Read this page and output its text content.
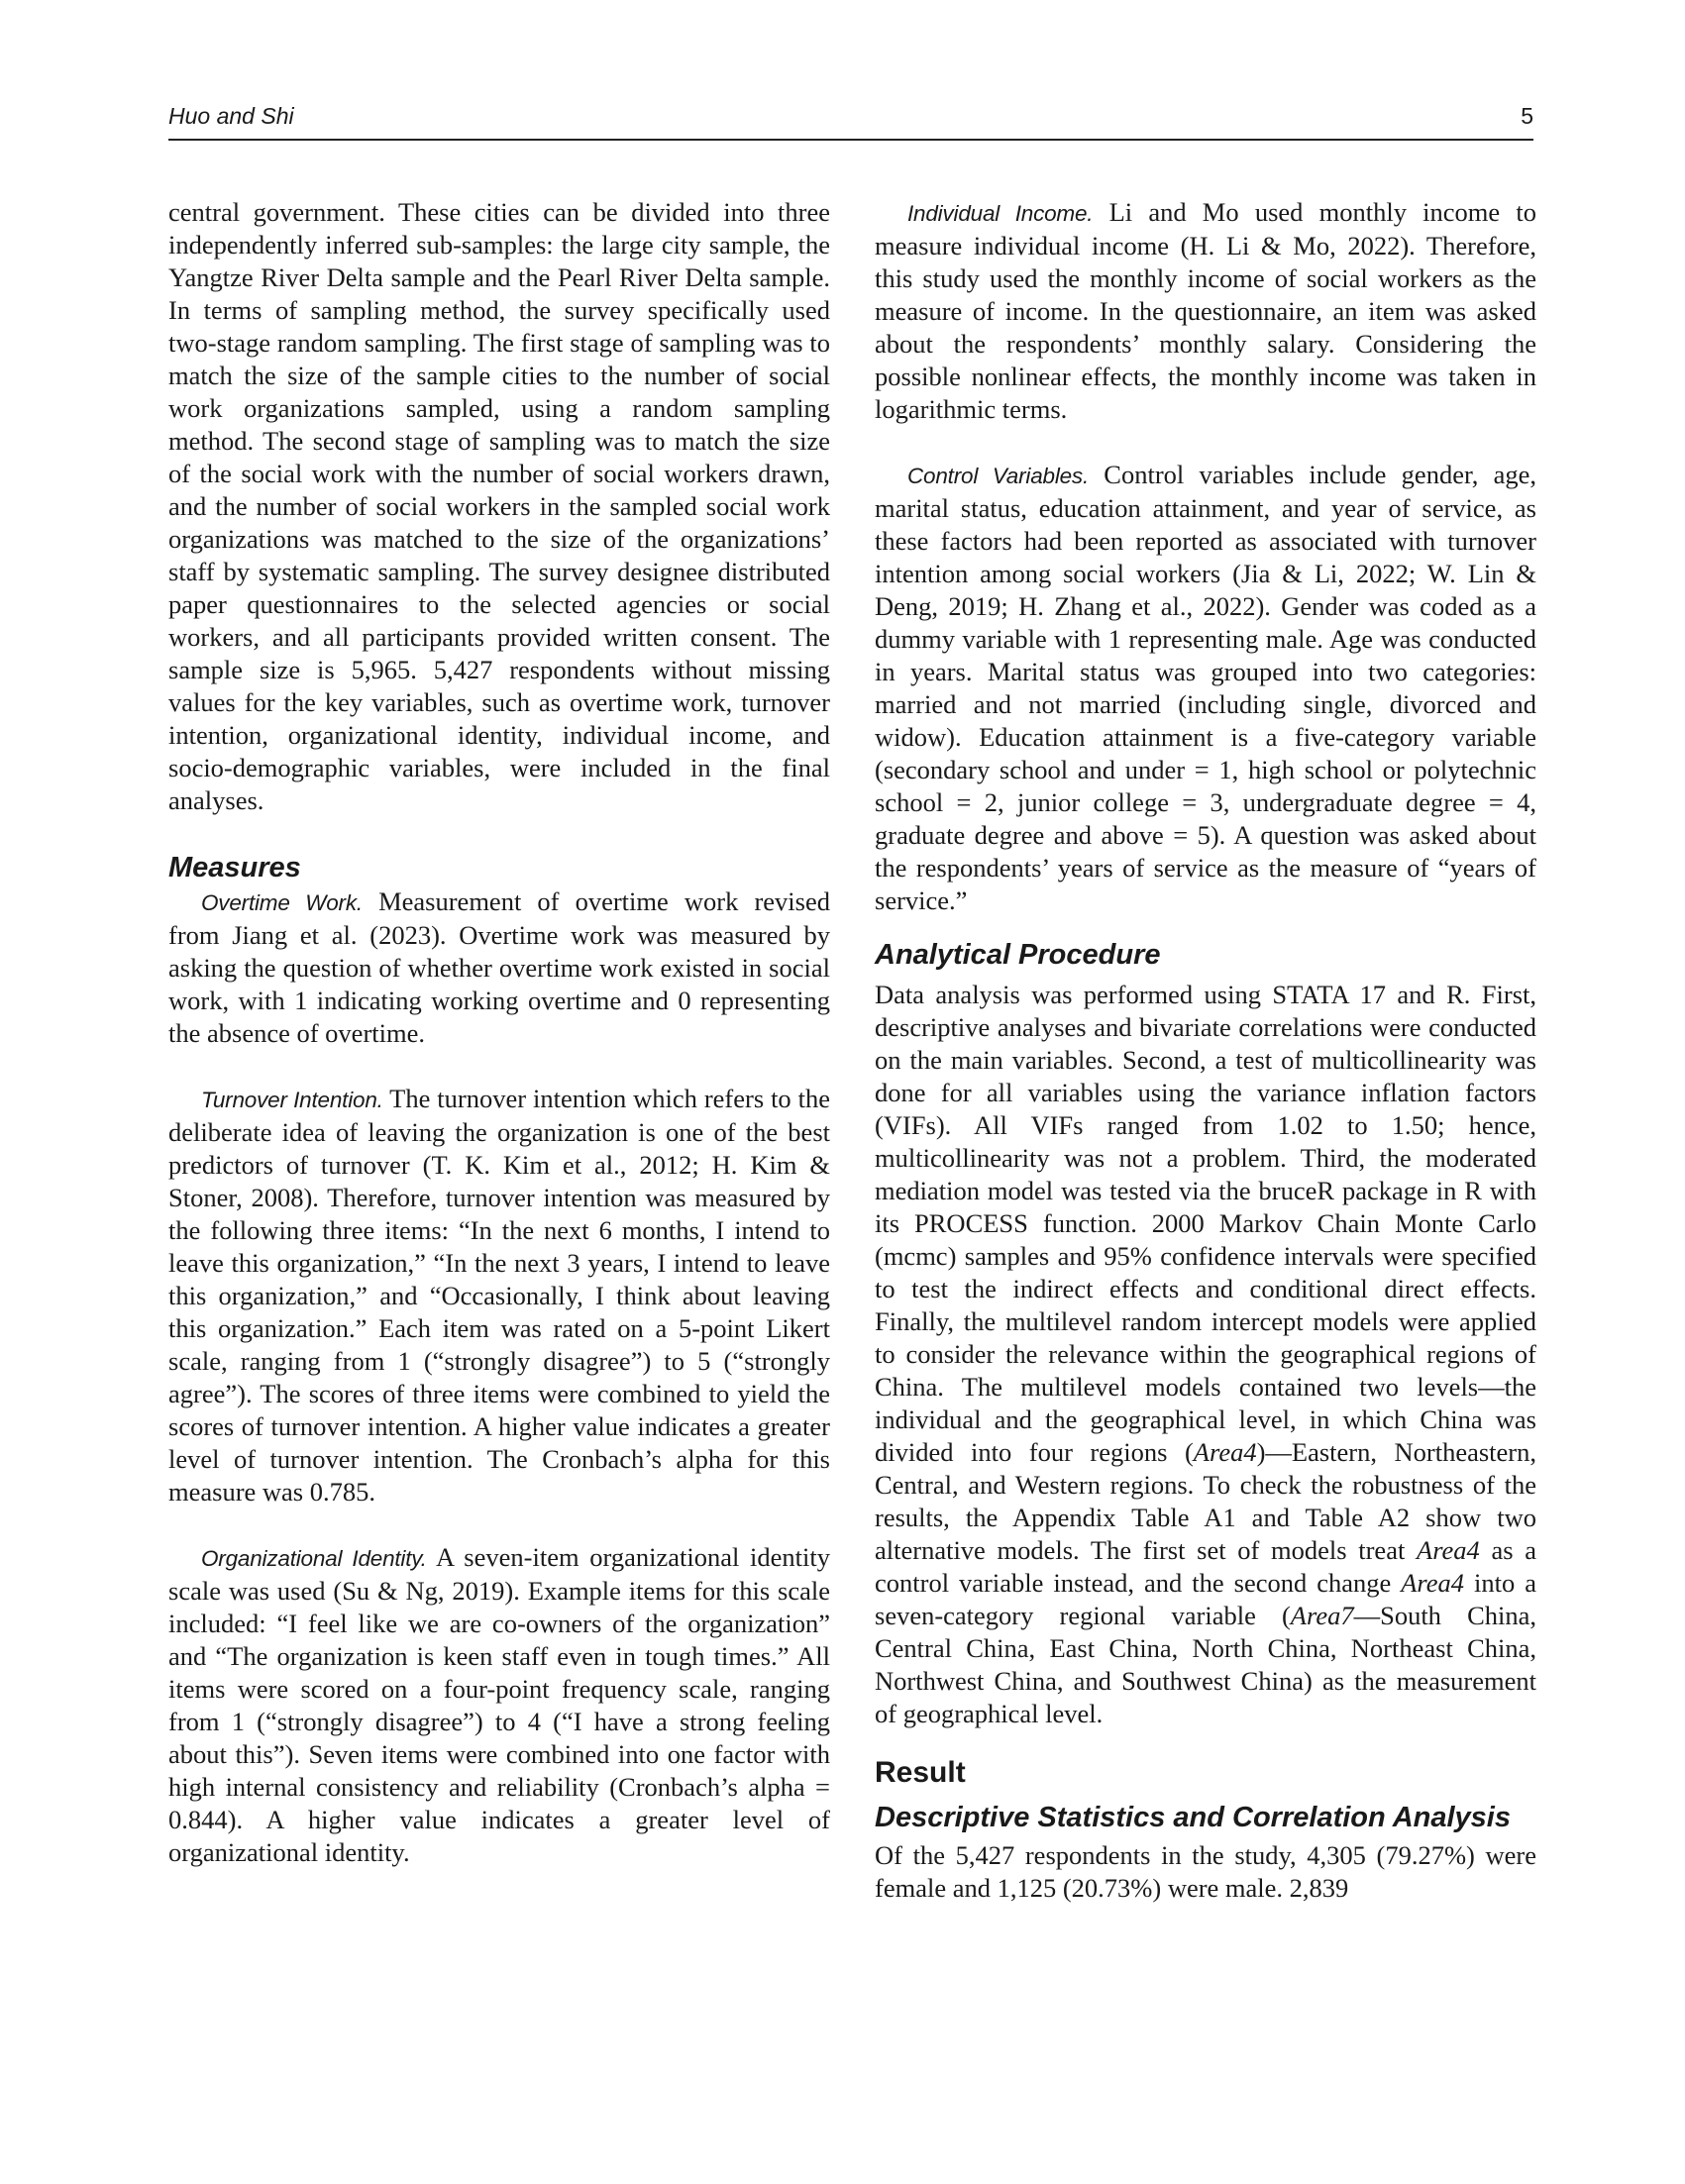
Huo and Shi	5

central government. These cities can be divided into three independently inferred sub-samples: the large city sample, the Yangtze River Delta sample and the Pearl River Delta sample. In terms of sampling method, the survey specifically used two-stage random sampling. The first stage of sampling was to match the size of the sample cities to the number of social work organizations sampled, using a random sampling method. The second stage of sampling was to match the size of the social work with the number of social workers drawn, and the number of social workers in the sampled social work organizations was matched to the size of the organizations’ staff by systematic sampling. The survey designee distributed paper questionnaires to the selected agencies or social workers, and all participants provided written consent. The sample size is 5,965. 5,427 respondents without missing values for the key variables, such as overtime work, turnover intention, organizational identity, individual income, and socio-demographic variables, were included in the final analyses.

Measures

Overtime Work. Measurement of overtime work revised from Jiang et al. (2023). Overtime work was measured by asking the question of whether overtime work existed in social work, with 1 indicating working overtime and 0 representing the absence of overtime.

Turnover Intention. The turnover intention which refers to the deliberate idea of leaving the organization is one of the best predictors of turnover (T. K. Kim et al., 2012; H. Kim & Stoner, 2008). Therefore, turnover intention was measured by the following three items: “In the next 6 months, I intend to leave this organization,” “In the next 3 years, I intend to leave this organization,” and “Occasionally, I think about leaving this organization.” Each item was rated on a 5-point Likert scale, ranging from 1 (“strongly disagree”) to 5 (“strongly agree”). The scores of three items were combined to yield the scores of turnover intention. A higher value indicates a greater level of turnover intention. The Cronbach’s alpha for this measure was 0.785.

Organizational Identity. A seven-item organizational identity scale was used (Su & Ng, 2019). Example items for this scale included: “I feel like we are co-owners of the organization” and “The organization is keen staff even in tough times.” All items were scored on a four-point frequency scale, ranging from 1 (“strongly disagree”) to 4 (“I have a strong feeling about this”). Seven items were combined into one factor with high internal consistency and reliability (Cronbach’s alpha = 0.844). A higher value indicates a greater level of organizational identity.

Individual Income. Li and Mo used monthly income to measure individual income (H. Li & Mo, 2022). Therefore, this study used the monthly income of social workers as the measure of income. In the questionnaire, an item was asked about the respondents’ monthly salary. Considering the possible nonlinear effects, the monthly income was taken in logarithmic terms.

Control Variables. Control variables include gender, age, marital status, education attainment, and year of service, as these factors had been reported as associated with turnover intention among social workers (Jia & Li, 2022; W. Lin & Deng, 2019; H. Zhang et al., 2022). Gender was coded as a dummy variable with 1 representing male. Age was conducted in years. Marital status was grouped into two categories: married and not married (including single, divorced and widow). Education attainment is a five-category variable (secondary school and under = 1, high school or polytechnic school = 2, junior college = 3, undergraduate degree = 4, graduate degree and above = 5). A question was asked about the respondents’ years of service as the measure of “years of service.”

Analytical Procedure

Data analysis was performed using STATA 17 and R. First, descriptive analyses and bivariate correlations were conducted on the main variables. Second, a test of multicollinearity was done for all variables using the variance inflation factors (VIFs). All VIFs ranged from 1.02 to 1.50; hence, multicollinearity was not a problem. Third, the moderated mediation model was tested via the bruceR package in R with its PROCESS function. 2000 Markov Chain Monte Carlo (mcmc) samples and 95% confidence intervals were specified to test the indirect effects and conditional direct effects. Finally, the multilevel random intercept models were applied to consider the relevance within the geographical regions of China. The multilevel models contained two levels—the individual and the geographical level, in which China was divided into four regions (Area4)—Eastern, Northeastern, Central, and Western regions. To check the robustness of the results, the Appendix Table A1 and Table A2 show two alternative models. The first set of models treat Area4 as a control variable instead, and the second change Area4 into a seven-category regional variable (Area7—South China, Central China, East China, North China, Northeast China, Northwest China, and Southwest China) as the measurement of geographical level.

Result
Descriptive Statistics and Correlation Analysis

Of the 5,427 respondents in the study, 4,305 (79.27%) were female and 1,125 (20.73%) were male. 2,839
